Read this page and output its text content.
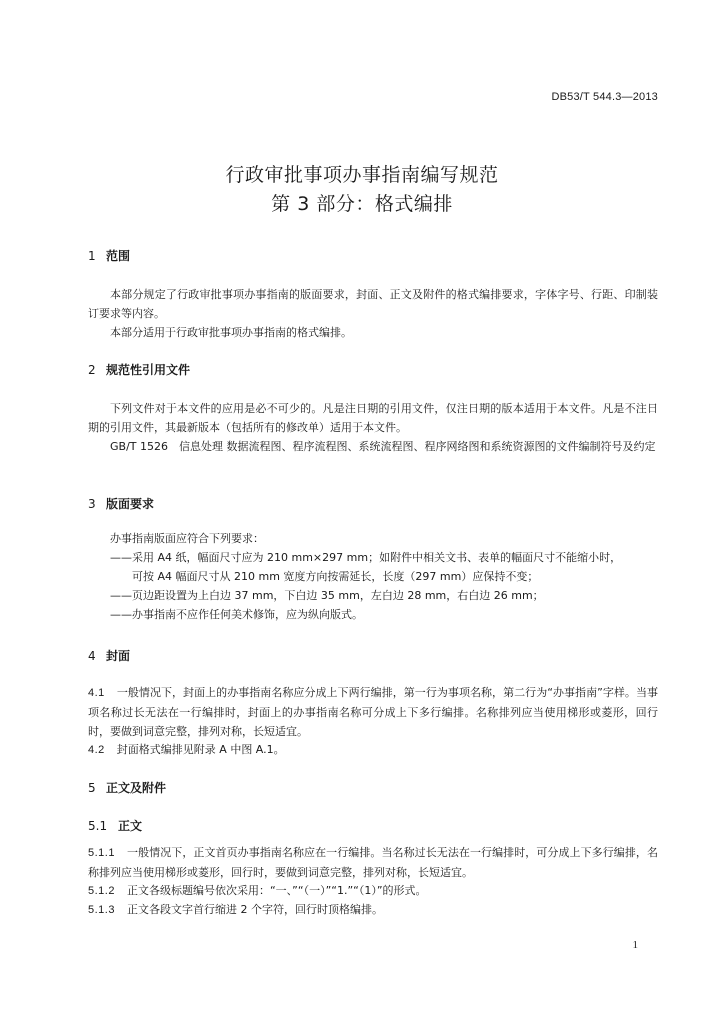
DB53/T 544.3—2013
行政审批事项办事指南编写规范
第 3 部分：格式编排
1 范围
本部分规定了行政审批事项办事指南的版面要求，封面、正文及附件的格式编排要求，字体字号、行距、印制装订要求等内容。
本部分适用于行政审批事项办事指南的格式编排。
2 规范性引用文件
下列文件对于本文件的应用是必不可少的。凡是注日期的引用文件，仅注日期的版本适用于本文件。凡是不注日期的引用文件，其最新版本（包括所有的修改单）适用于本文件。
GB/T 1526　信息处理 数据流程图、程序流程图、系统流程图、程序网络图和系统资源图的文件编制符号及约定
3 版面要求
办事指南版面应符合下列要求：
——采用 A4 纸，幅面尺寸应为 210 mm×297 mm；如附件中相关文书、表单的幅面尺寸不能缩小时，
可按 A4 幅面尺寸从 210 mm 宽度方向按需延长，长度（297 mm）应保持不变；
——页边距设置为上白边 37 mm，下白边 35 mm，左白边 28 mm，右白边 26 mm；
——办事指南不应作任何美术修饰，应为纵向版式。
4 封面
4.1 一般情况下，封面上的办事指南名称应分成上下两行编排，第一行为事项名称，第二行为“办事指南”字样。当事项名称过长无法在一行编排时，封面上的办事指南名称可分成上下多行编排。名称排列应当使用梯形或菱形，回行时，要做到词意完整，排列对称，长短适宜。
4.2 封面格式编排见附录 A 中图 A.1。
5 正文及附件
5.1 正文
5.1.1 一般情况下，正文首页办事指南名称应在一行编排。当名称过长无法在一行编排时，可分成上下多行编排，名称排列应当使用梯形或菱形，回行时，要做到词意完整，排列对称，长短适宜。
5.1.2 正文各级标题编号依次采用：“一、”“（一）”“1.”“（1）”的形式。
5.1.3 正文各段文字首行缩进 2 个字符，回行时顶格编排。
1
